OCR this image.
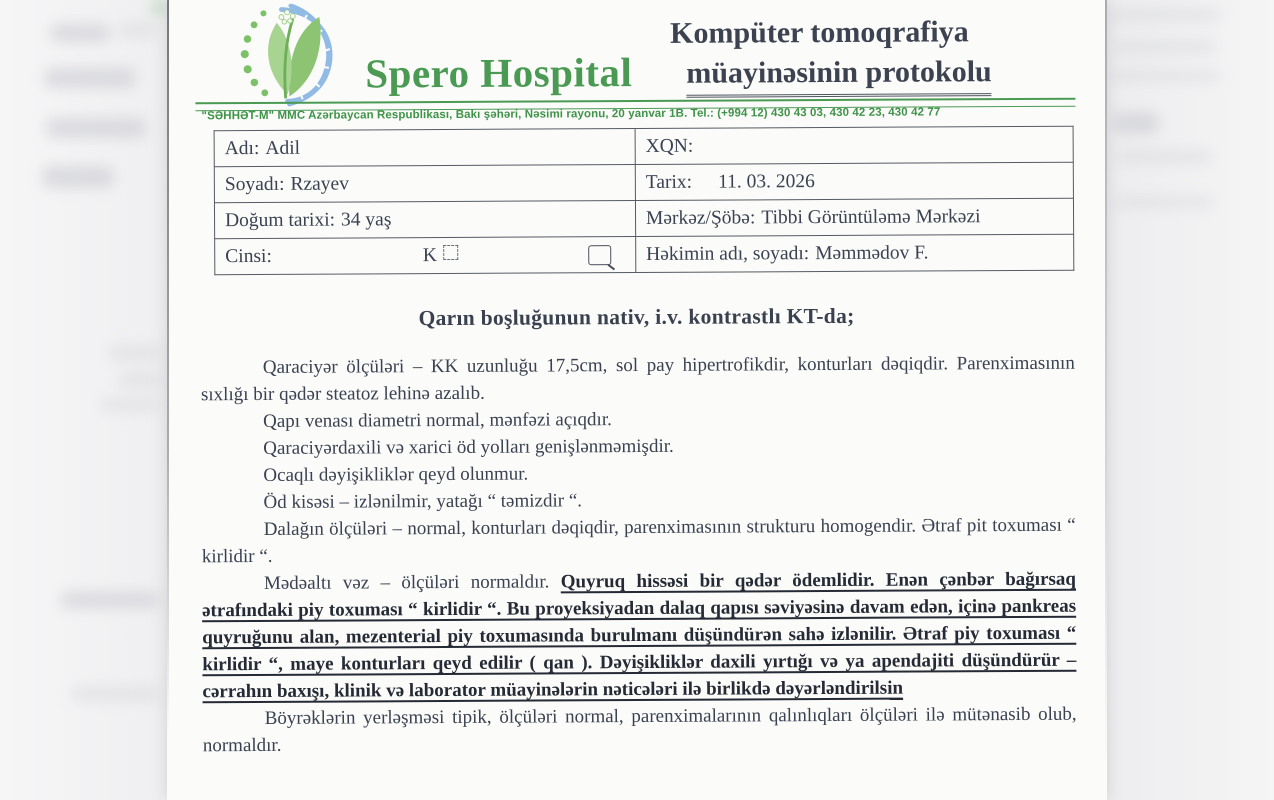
Spero Hospital
Kompüter tomoqrafiya
müayinəsinin protokolu
"SƏHHƏT-M" MMC Azərbaycan Respublikası, Bakı şəhəri, Nəsimi rayonu, 20 yanvar 1B. Tel.: (+994 12) 430 43 03, 430 42 23, 430 42 77
Adı: Adil	XQN:
Soyadı: Rzayev	Tarix: 11. 03. 2026
Doğum tarixi: 34 yaş	Mərkəz/Şöbə: Tibbi Görüntüləmə Mərkəzi
Cinsi: K	Həkimin adı, soyadı: Məmmədov F.
Qarın boşluğunun nativ, i.v. kontrastlı KT-da;

Qaraciyər ölçüləri – KK uzunluğu 17,5cm, sol pay hipertrofikdir, konturları dəqiqdir. Parenximasının sıxlığı bir qədər steatoz lehinə azalıb.

Qapı venası diametri normal, mənfəzi açıqdır.

Qaraciyərdaxili və xarici öd yolları genişlənməmişdir.

Ocaqlı dəyişikliklər qeyd olunmur.

Öd kisəsi – izlənilmir, yatağı “ təmizdir “.

Dalağın ölçüləri – normal, konturları dəqiqdir, parenximasının strukturu homogendir. Ətraf pit toxuması “ kirlidir “.

Mədəaltı vəz – ölçüləri normaldır. Quyruq hissəsi bir qədər ödemlidir. Enən çənbər bağırsaq ətrafındaki piy toxuması “ kirlidir “. Bu proyeksiyadan dalaq qapısı səviyəsinə davam edən, içinə pankreas quyruğunu alan, mezenterial piy toxumasında burulmanı düşündürən sahə izlənilir. Ətraf piy toxuması “ kirlidir “, maye konturları qeyd edilir ( qan ). Dəyişikliklər daxili yırtığı və ya apendajiti düşündürür – cərrahın baxışı, klinik və laborator müayinələrin nəticələri ilə birlikdə dəyərləndirilsin

Böyrəklərin yerləşməsi tipik, ölçüləri normal, parenximalarının qalınlıqları ölçüləri ilə mütənasib olub, normaldır.
